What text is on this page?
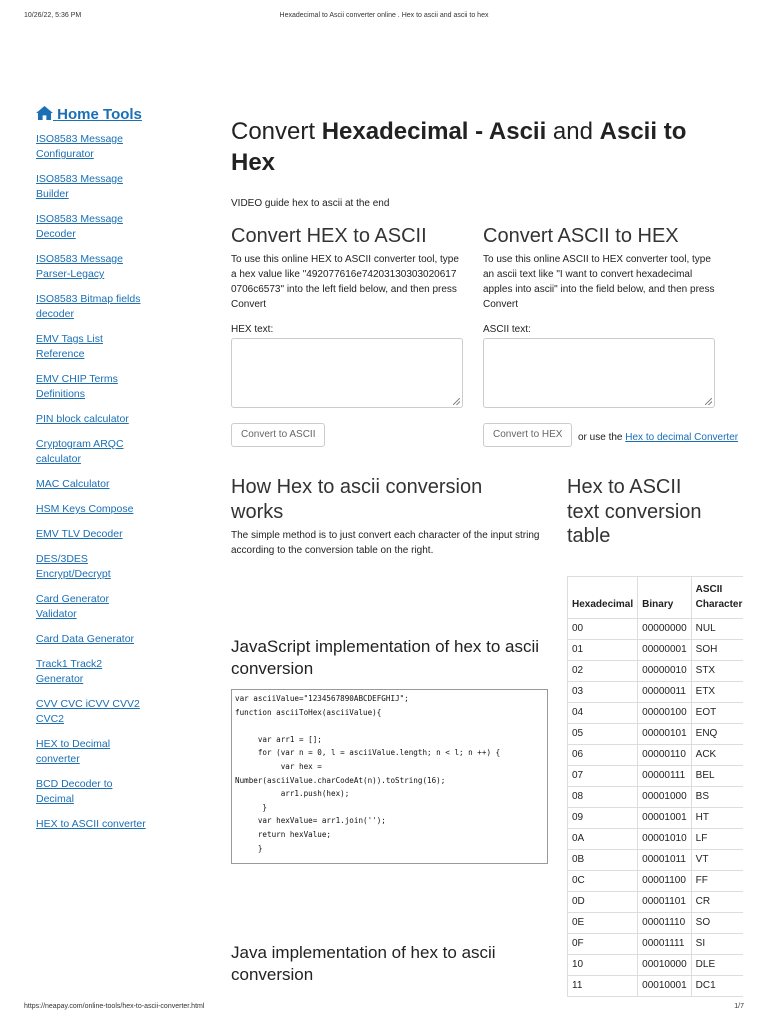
10/26/22, 5:36 PM	Hexadecimal to Ascii converter online . Hex to ascii and ascii to hex
Home Tools
ISO8583 Message Configurator
ISO8583 Message Builder
ISO8583 Message Decoder
ISO8583 Message Parser-Legacy
ISO8583 Bitmap fields decoder
EMV Tags List Reference
EMV CHIP Terms Definitions
PIN block calculator
Cryptogram ARQC calculator
MAC Calculator
HSM Keys Compose
EMV TLV Decoder
DES/3DES Encrypt/Decrypt
Card Generator Validator
Card Data Generator
Track1 Track2 Generator
CVV CVC iCVV CVV2 CVC2
HEX to Decimal converter
BCD Decoder to Decimal
HEX to ASCII converter
Convert Hexadecimal - Ascii and Ascii to Hex
VIDEO guide hex to ascii at the end
Convert HEX to ASCII

To use this online HEX to ASCII converter tool, type a hex value like "492077616e74203130303020617 0706c6573" into the left field below, and then press Convert

HEX text:
Convert to ASCII
Convert ASCII to HEX

To use this online ASCII to HEX converter tool, type an ascii text like "I want to convert hexadecimal apples into ascii" into the field below, and then press Convert

ASCII text:
Convert to HEX	or use the Hex to decimal Converter
How Hex to ascii conversion works

The simple method is to just convert each character of the input string according to the conversion table on the right.

Hex to ASCII text conversion table
JavaScript implementation of hex to ascii conversion
var asciiValue="1234567890ABCDEFGHIJ";
function asciiToHex(asciiValue){

var arr1 = [];
for (var n = 0, l = asciiValue.length; n < l; n ++) {
var hex =
Number(asciiValue.charCodeAt(n)).toString(16);
arr1.push(hex);
}
var hexValue= arr1.join('');
return hexValue;
}
Java implementation of hex to ascii conversion
Hexadecimal	Binary	ASCII Character
00	00000000	NUL
01	00000001	SOH
02	00000010	STX
03	00000011	ETX
04	00000100	EOT
05	00000101	ENQ
06	00000110	ACK
07	00000111	BEL
08	00001000	BS
09	00001001	HT
0A	00001010	LF
0B	00001011	VT
0C	00001100	FF
0D	00001101	CR
0E	00001110	SO
0F	00001111	SI
10	00010000	DLE
11	00010001	DC1
https://neapay.com/online-tools/hex-to-ascii-converter.html	1/7
